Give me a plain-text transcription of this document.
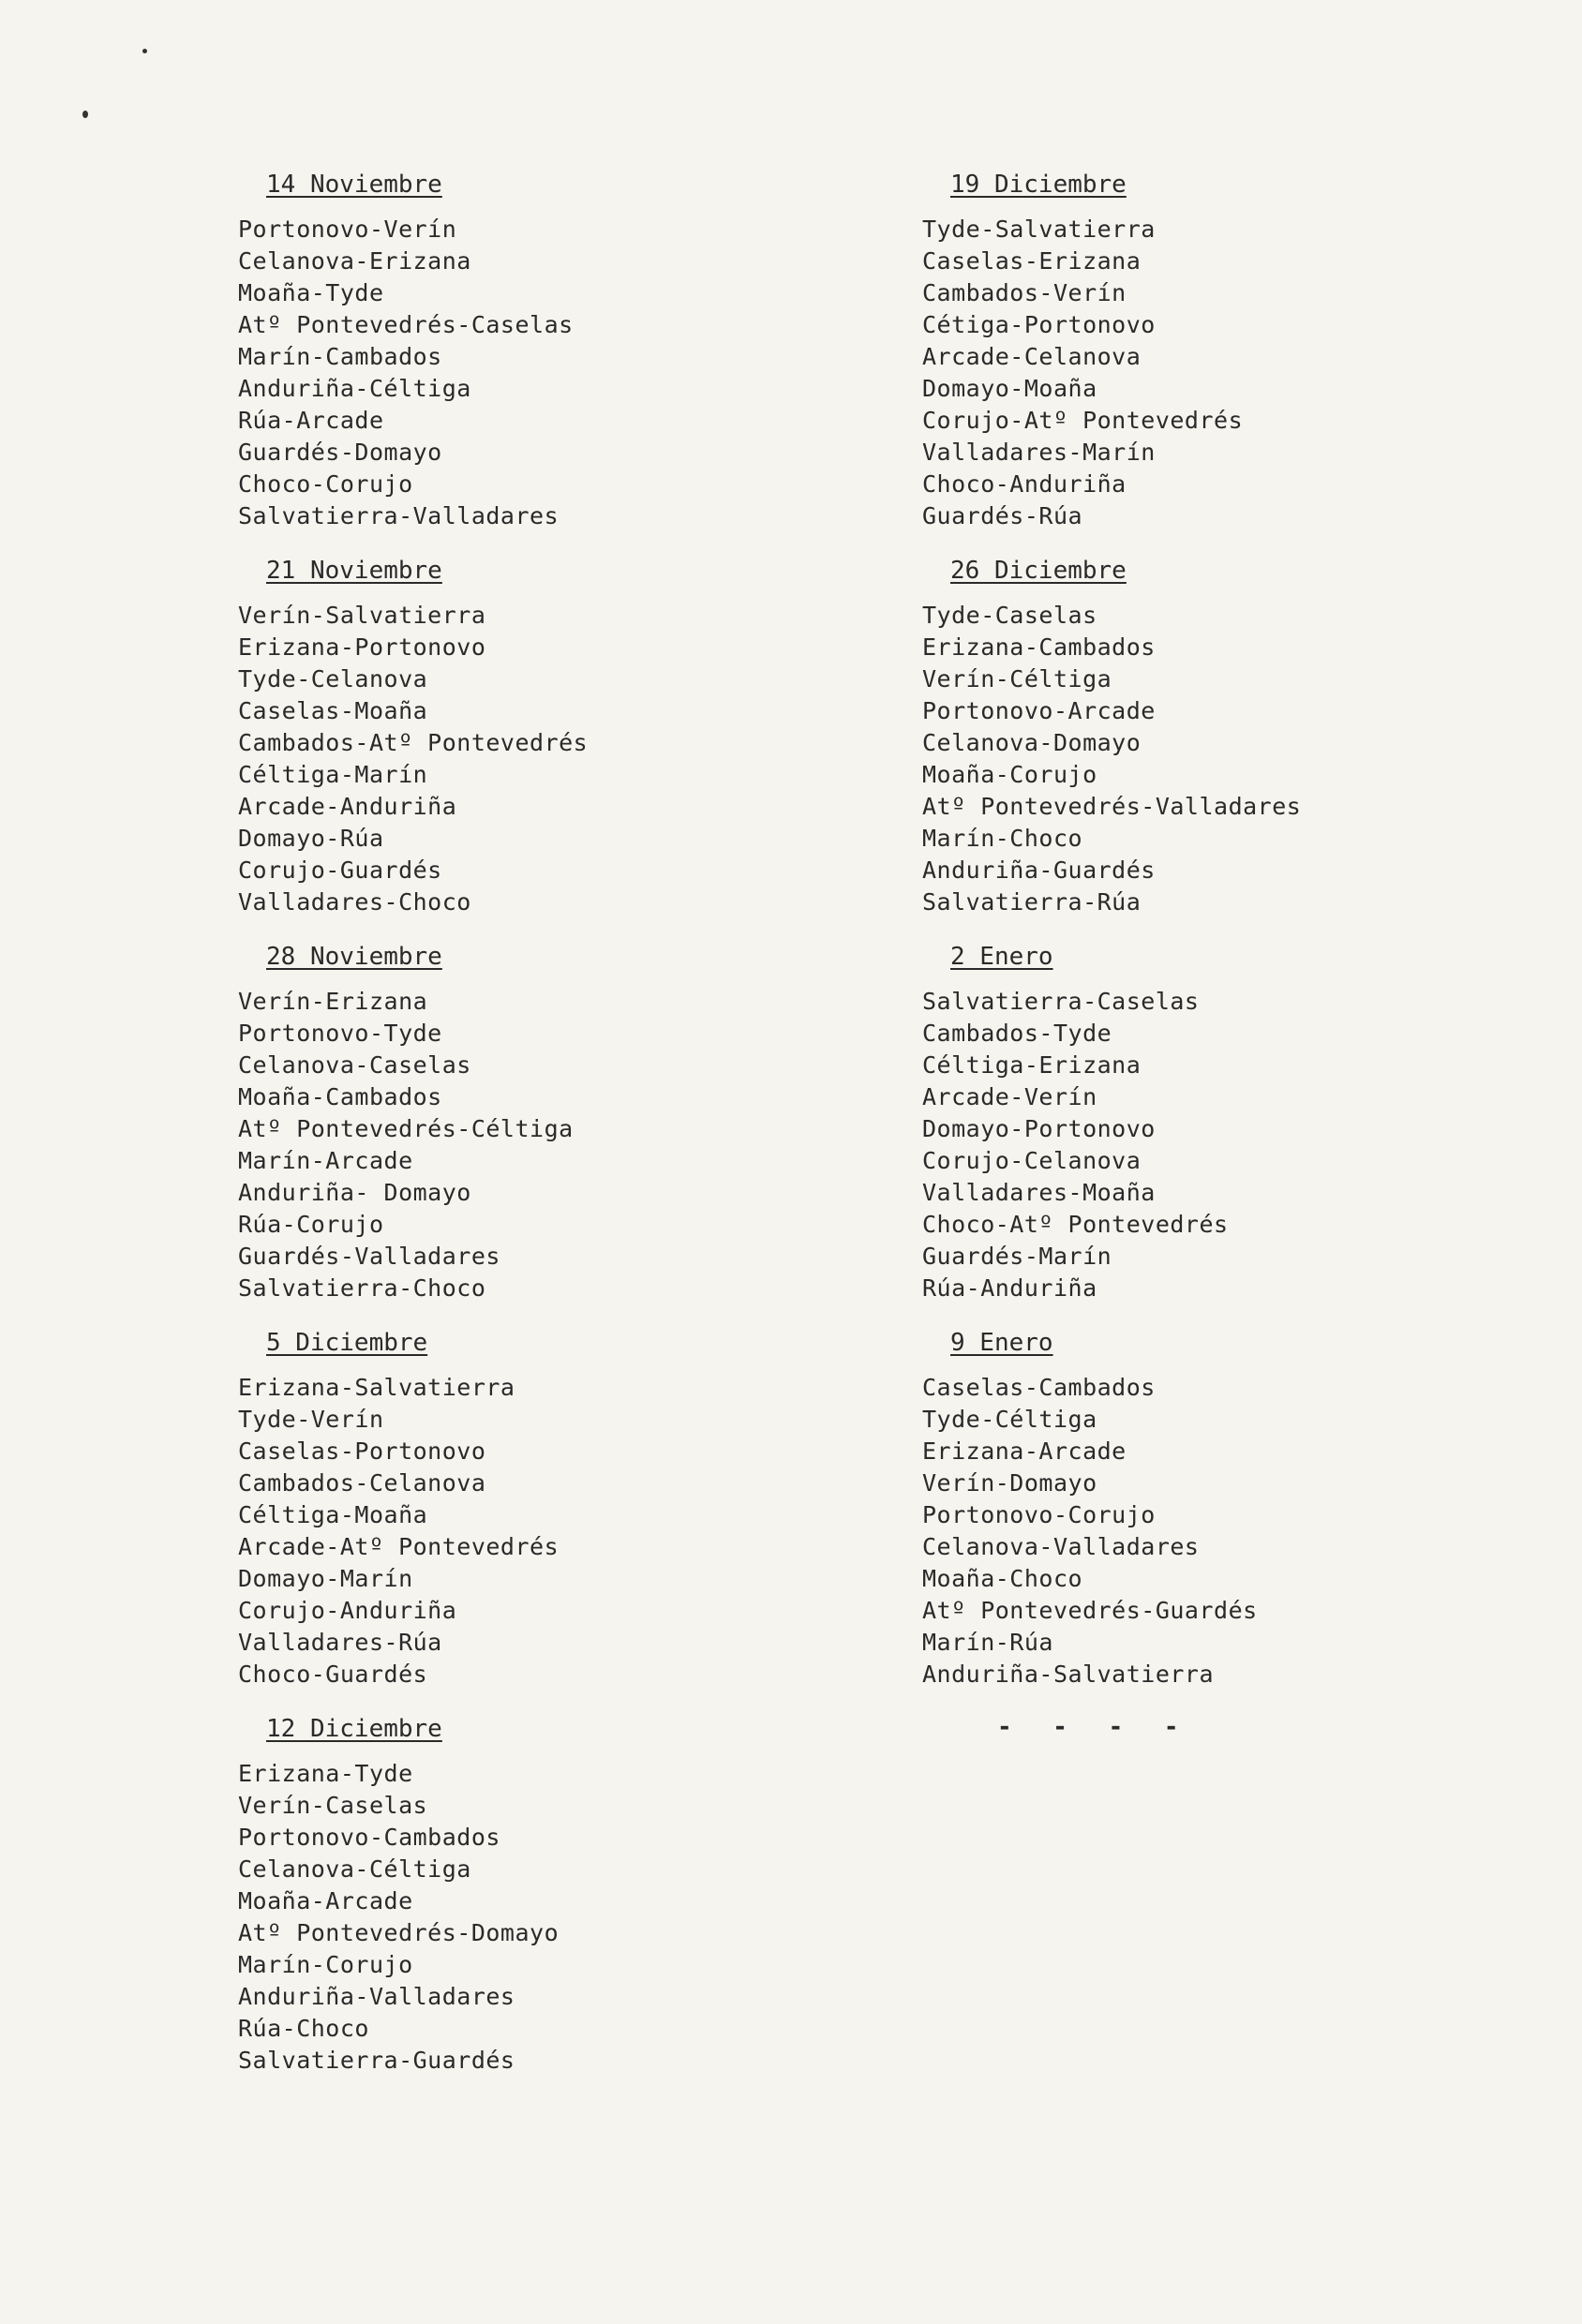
14 Noviembre
Portonovo-Verín
Celanova-Erizana
Moaña-Tyde
Atº Pontevedrés-Caselas
Marín-Cambados
Anduriña-Céltiga
Rúa-Arcade
Guardés-Domayo
Choco-Corujo
Salvatierra-Valladares
21 Noviembre
Verín-Salvatierra
Erizana-Portonovo
Tyde-Celanova
Caselas-Moaña
Cambados-Atº Pontevedrés
Céltiga-Marín
Arcade-Anduriña
Domayo-Rúa
Corujo-Guardés
Valladares-Choco
28 Noviembre
Verín-Erizana
Portonovo-Tyde
Celanova-Caselas
Moaña-Cambados
Atº Pontevedrés-Céltiga
Marín-Arcade
Anduriña- Domayo
Rúa-Corujo
Guardés-Valladares
Salvatierra-Choco
5 Diciembre
Erizana-Salvatierra
Tyde-Verín
Caselas-Portonovo
Cambados-Celanova
Céltiga-Moaña
Arcade-Atº Pontevedrés
Domayo-Marín
Corujo-Anduriña
Valladares-Rúa
Choco-Guardés
12 Diciembre
Erizana-Tyde
Verín-Caselas
Portonovo-Cambados
Celanova-Céltiga
Moaña-Arcade
Atº Pontevedrés-Domayo
Marín-Corujo
Anduriña-Valladares
Rúa-Choco
Salvatierra-Guardés
19 Diciembre
Tyde-Salvatierra
Caselas-Erizana
Cambados-Verín
Cétiga-Portonovo
Arcade-Celanova
Domayo-Moaña
Corujo-Atº Pontevedrés
Valladares-Marín
Choco-Anduriña
Guardés-Rúa
26 Diciembre
Tyde-Caselas
Erizana-Cambados
Verín-Céltiga
Portonovo-Arcade
Celanova-Domayo
Moaña-Corujo
Atº Pontevedrés-Valladares
Marín-Choco
Anduriña-Guardés
Salvatierra-Rúa
2 Enero
Salvatierra-Caselas
Cambados-Tyde
Céltiga-Erizana
Arcade-Verín
Domayo-Portonovo
Corujo-Celanova
Valladares-Moaña
Choco-Atº Pontevedrés
Guardés-Marín
Rúa-Anduriña
9 Enero
Caselas-Cambados
Tyde-Céltiga
Erizana-Arcade
Verín-Domayo
Portonovo-Corujo
Celanova-Valladares
Moaña-Choco
Atº Pontevedrés-Guardés
Marín-Rúa
Anduriña-Salvatierra
- - - -
